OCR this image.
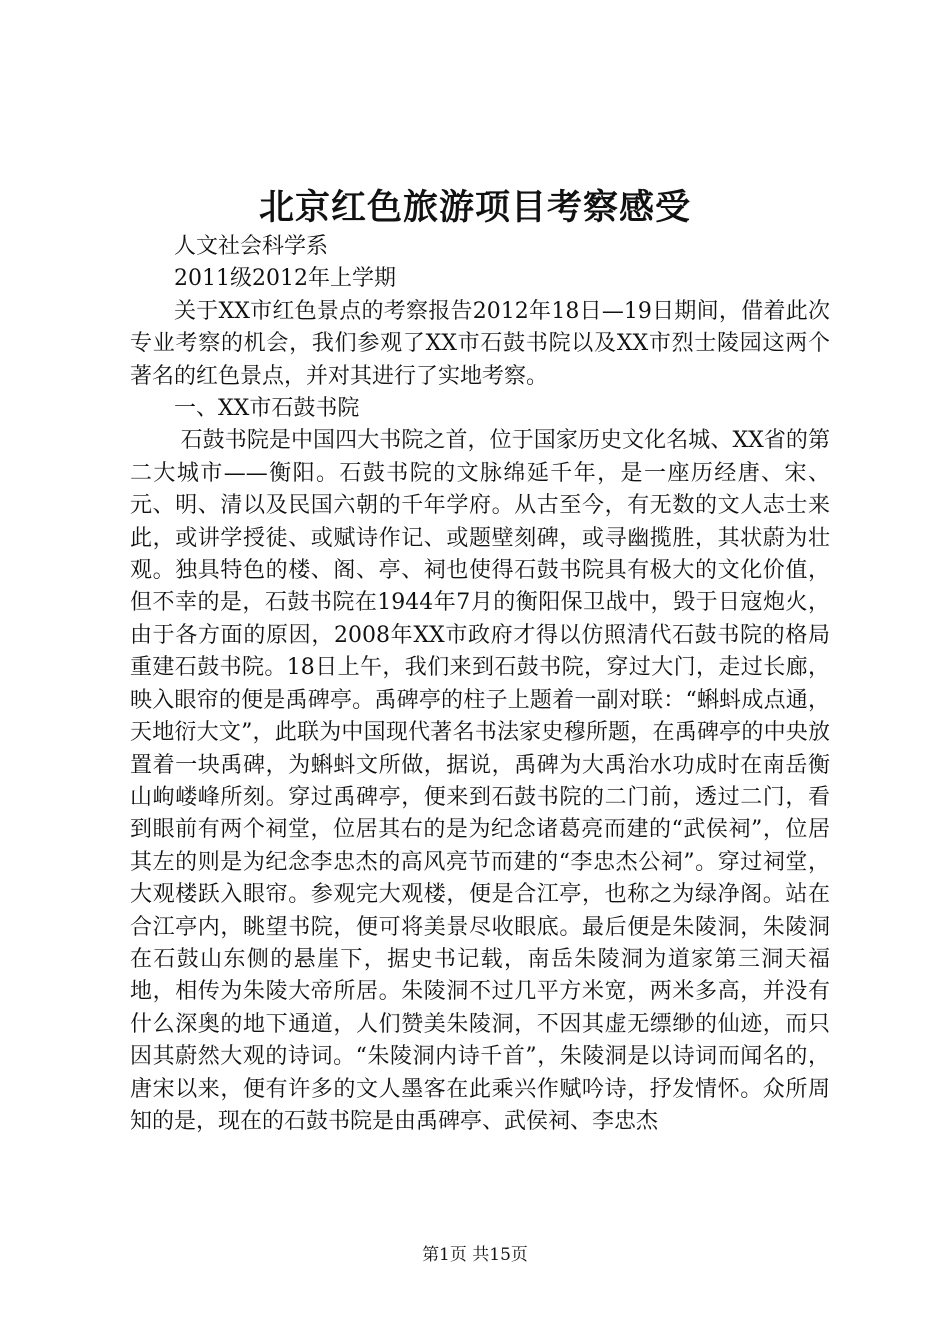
北京红色旅游项目考察感受

人文社会科学系

2011级2012年上学期

关于XX市红色景点的考察报告2012年18日—19日期间，借着此次专业考察的机会，我们参观了XX市石鼓书院以及XX市烈士陵园这两个著名的红色景点，并对其进行了实地考察。

一、XX市石鼓书院

石鼓书院是中国四大书院之首，位于国家历史文化名城、XX省的第二大城市——衡阳。石鼓书院的文脉绵延千年，是一座历经唐、宋、元、明、清以及民国六朝的千年学府。从古至今，有无数的文人志士来此，或讲学授徒、或赋诗作记、或题壁刻碑，或寻幽揽胜，其状蔚为壮观。独具特色的楼、阁、亭、祠也使得石鼓书院具有极大的文化价值，但不幸的是，石鼓书院在1944年7月的衡阳保卫战中，毁于日寇炮火，由于各方面的原因，2008年XX市政府才得以仿照清代石鼓书院的格局重建石鼓书院。18日上午，我们来到石鼓书院，穿过大门，走过长廊，映入眼帘的便是禹碑亭。禹碑亭的柱子上题着一副对联：“蝌蚪成点通，天地衍大文”，此联为中国现代著名书法家史穆所题，在禹碑亭的中央放置着一块禹碑，为蝌蚪文所做，据说，禹碑为大禹治水功成时在南岳衡山岣嵝峰所刻。穿过禹碑亭，便来到石鼓书院的二门前，透过二门，看到眼前有两个祠堂，位居其右的是为纪念诸葛亮而建的“武侯祠”，位居其左的则是为纪念李忠杰的高风亮节而建的“李忠杰公祠”。穿过祠堂，大观楼跃入眼帘。参观完大观楼，便是合江亭，也称之为绿净阁。站在合江亭内，眺望书院，便可将美景尽收眼底。最后便是朱陵洞，朱陵洞在石鼓山东侧的悬崖下，据史书记载，南岳朱陵洞为道家第三洞天福地，相传为朱陵大帝所居。朱陵洞不过几平方米宽，两米多高，并没有什么深奥的地下通道，人们赞美朱陵洞，不因其虚无缥缈的仙迹，而只因其蔚然大观的诗词。“朱陵洞内诗千首”，朱陵洞是以诗词而闻名的，唐宋以来，便有许多的文人墨客在此乘兴作赋吟诗，抒发情怀。众所周知的是，现在的石鼓书院是由禹碑亭、武侯祠、李忠杰

第1页 共15页
